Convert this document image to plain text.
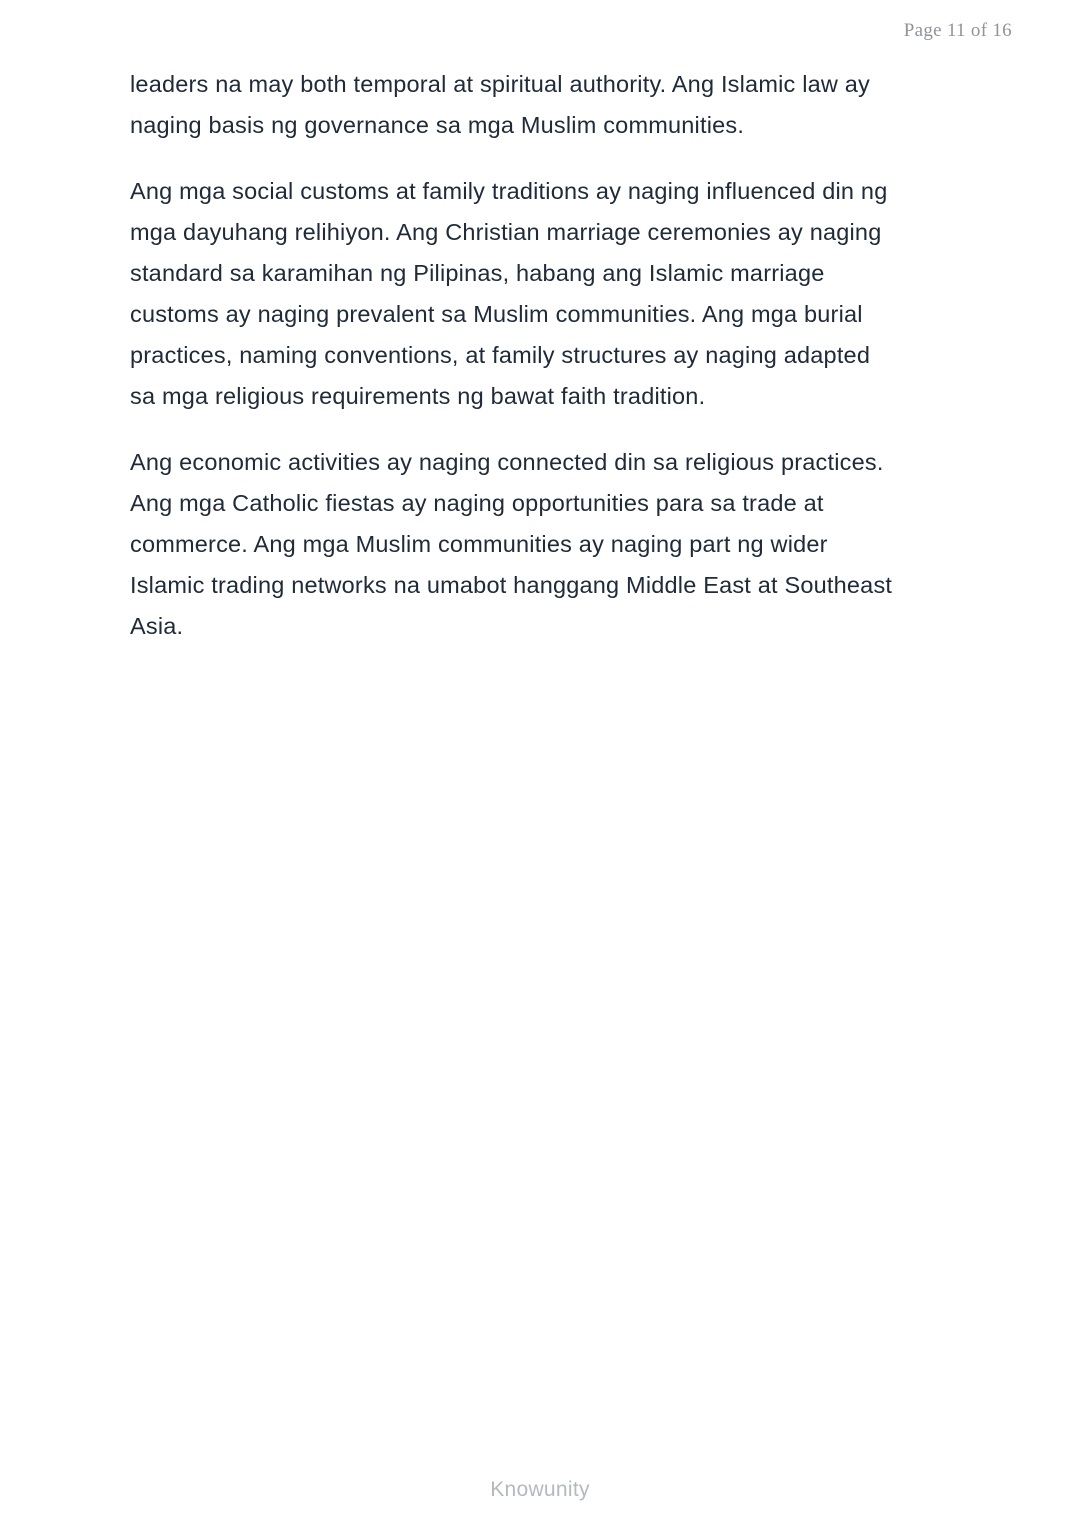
Page 11 of 16
leaders na may both temporal at spiritual authority. Ang Islamic law ay
naging basis ng governance sa mga Muslim communities.
Ang mga social customs at family traditions ay naging influenced din ng
mga dayuhang relihiyon. Ang Christian marriage ceremonies ay naging
standard sa karamihan ng Pilipinas, habang ang Islamic marriage
customs ay naging prevalent sa Muslim communities. Ang mga burial
practices, naming conventions, at family structures ay naging adapted
sa mga religious requirements ng bawat faith tradition.
Ang economic activities ay naging connected din sa religious practices.
Ang mga Catholic fiestas ay naging opportunities para sa trade at
commerce. Ang mga Muslim communities ay naging part ng wider
Islamic trading networks na umabot hanggang Middle East at Southeast
Asia.
Knowunity
